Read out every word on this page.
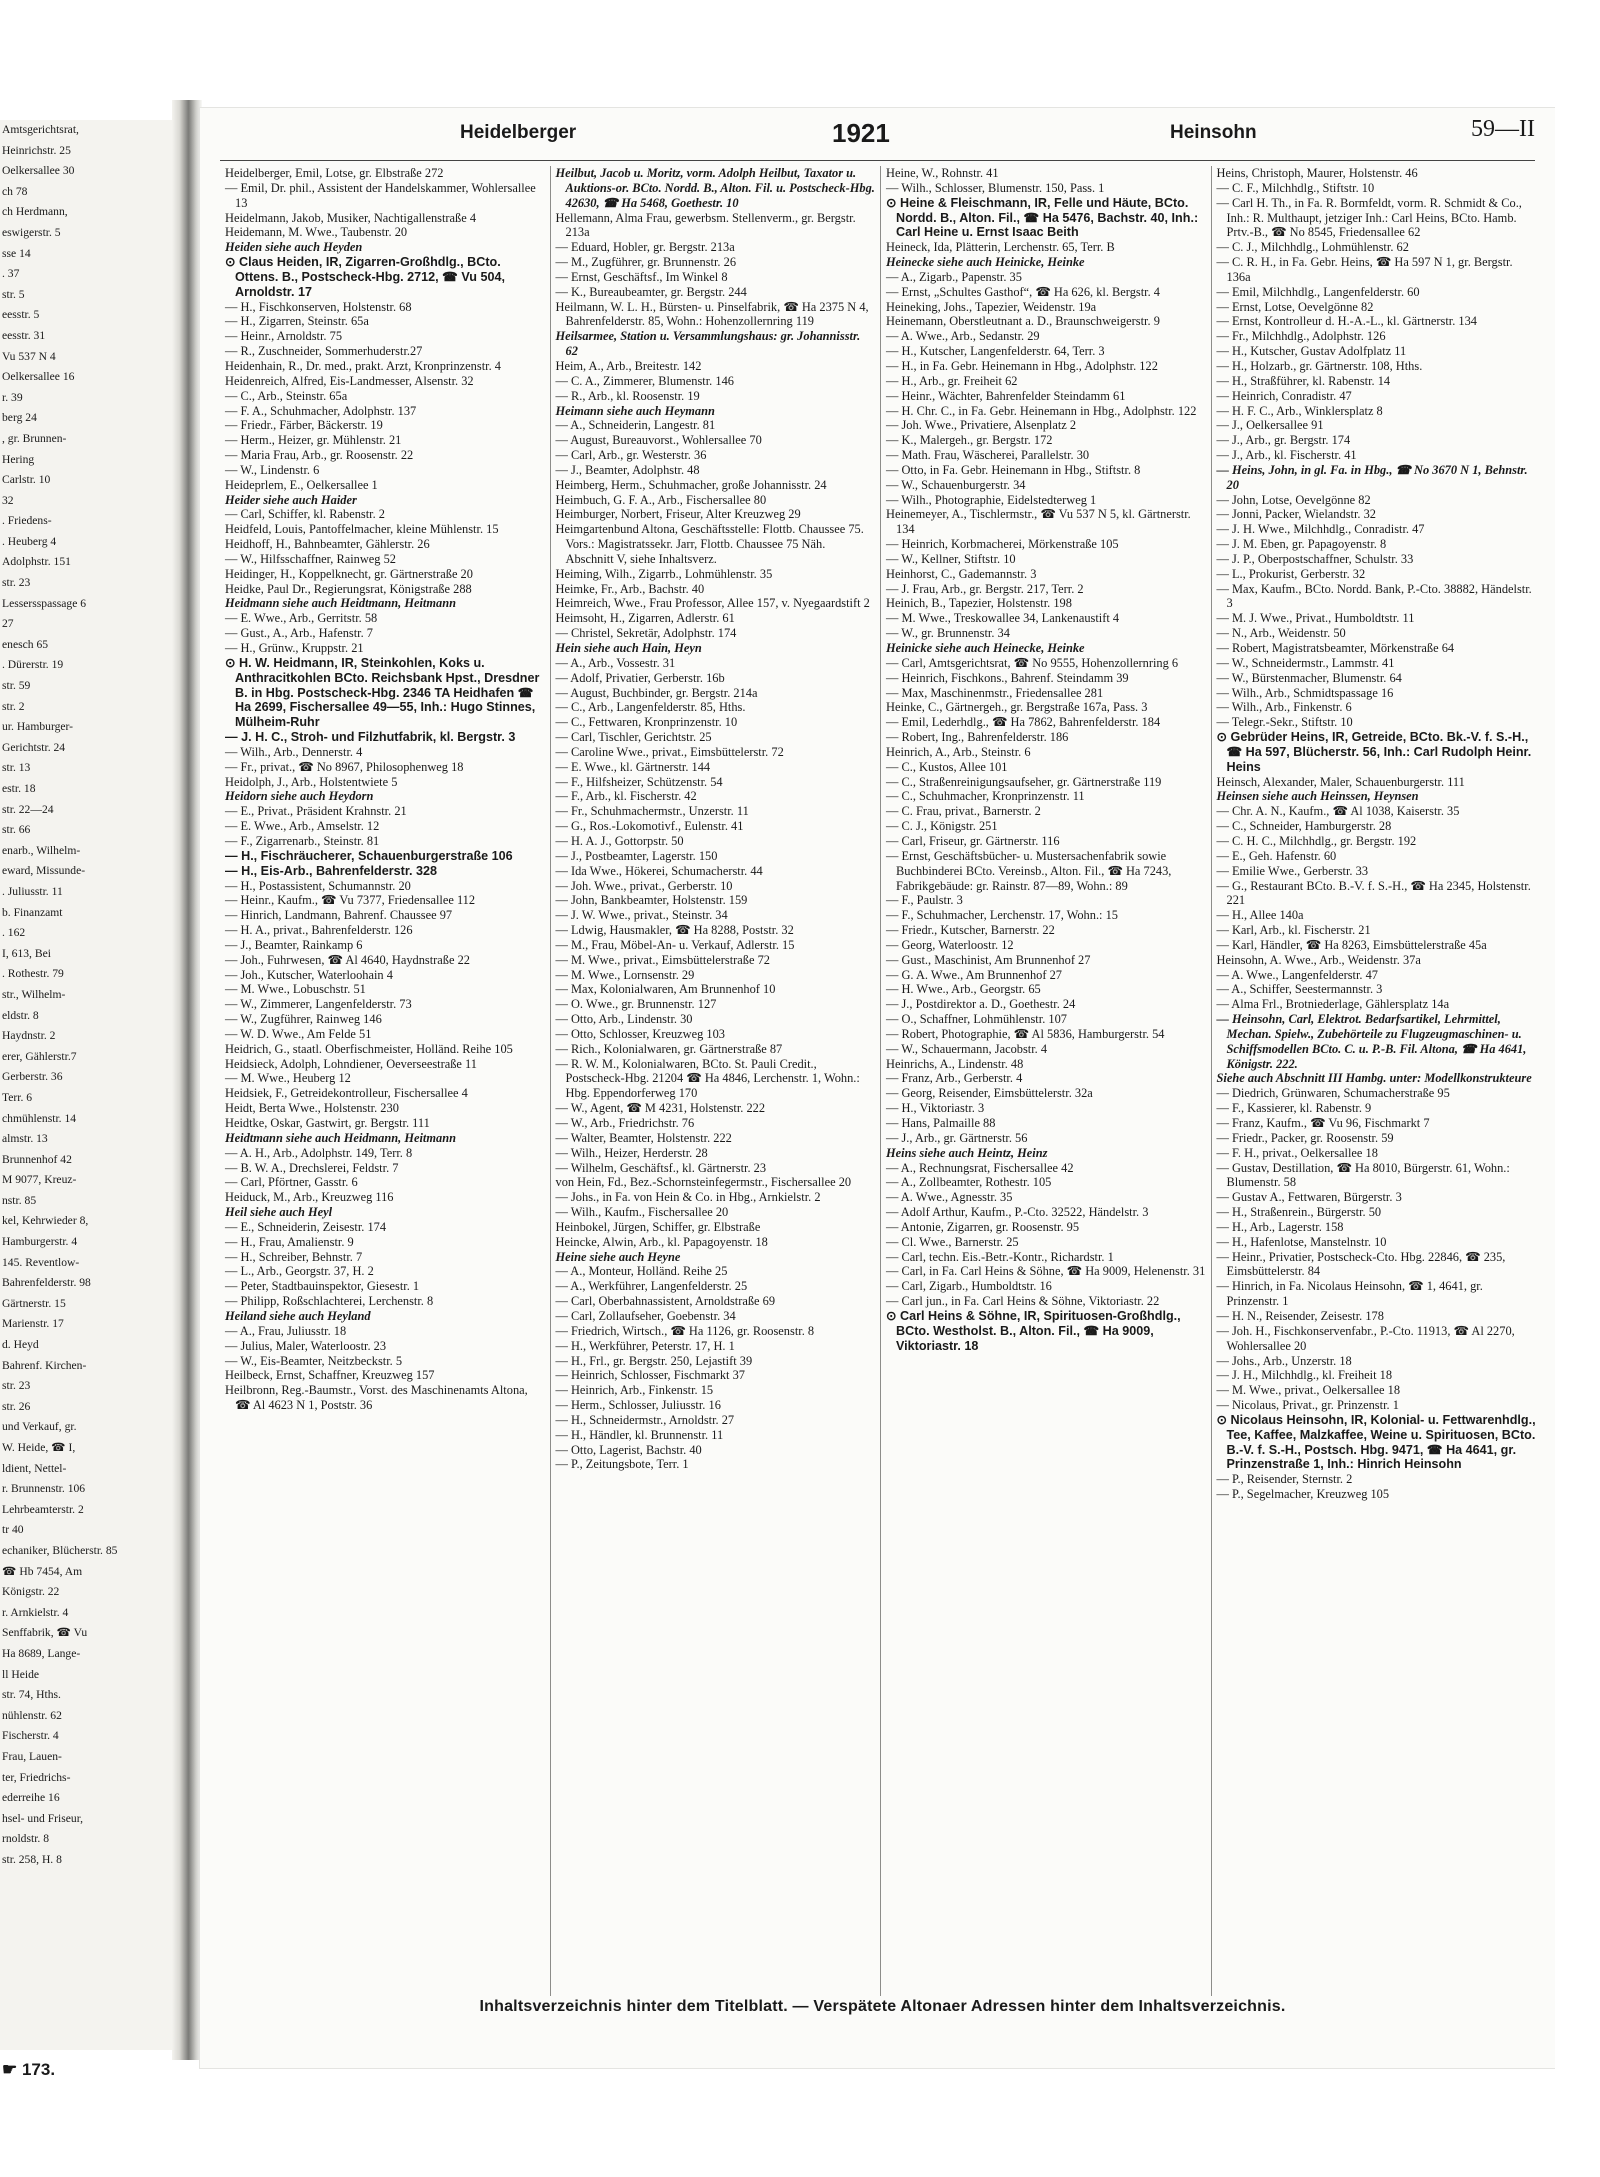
Amtsgerichtsrat,
Heinrichstr. 25
Oelkersallee 30
ch 78
ch Herdmann,
eswigerstr. 5
sse 14
. 37
str. 5
eesstr. 5
eesstr. 31
Vu 537 N 4
Oelkersallee 16
r. 39
berg 24
, gr. Brunnen-
Hering
Carlstr. 10
32
. Friedens-
. Heuberg 4
Adolphstr. 151
str. 23
Lessersspassage 6
27
enesch 65
. Dürerstr. 19
str. 59
str. 2
ur. Hamburger-
Gerichtstr. 24
str. 13
estr. 18
str. 22—24
str. 66
enarb., Wilhelm-
eward, Missunde-
. Juliusstr. 11
b. Finanzamt
. 162
I, 613, Bei
. Rothestr. 79
str., Wilhelm-
eldstr. 8
Haydnstr. 2
erer, Gählerstr.7
Gerberstr. 36
Terr. 6
chmühlenstr. 14
almstr. 13
Brunnenhof 42
M 9077, Kreuz-
nstr. 85
kel, Kehrwieder 8,
Hamburgerstr. 4
145. Reventlow-
Bahrenfelderstr. 98
Gärtnerstr. 15
Marienstr. 17
d. Heyd
Bahrenf. Kirchen-
str. 23
str. 26
und Verkauf, gr.
W. Heide, ☎ I,
ldient, Nettel-
r. Brunnenstr. 106
Lehrbeamterstr. 2
tr 40
echaniker, Blücherstr. 85
☎ Hb 7454, Am
Königstr. 22
r. Arnkielstr. 4
Senffabrik, ☎ Vu
Ha 8689, Lange-
ll Heide
str. 74, Hths.
nühlenstr. 62
Fischerstr. 4
Frau, Lauen-
ter, Friedrichs-
ederreihe 16
hsel- und Friseur,
rnoldstr. 8
str. 258, H. 8
☛ 173.
Heidelberger	1921	Heinsohn	59—II

Heidelberger, Emil, Lotse, gr. Elbstraße 272

— Emil, Dr. phil., Assistent der Handelskammer, Wohlersallee 13

Heidelmann, Jakob, Musiker, Nachtigallenstraße 4

Heidemann, M. Wwe., Taubenstr. 20

Heiden siehe auch Heyden

⊙ Claus Heiden, IR, Zigarren-Großhdlg., BCto. Ottens. B., Postscheck-Hbg. 2712, ☎ Vu 504, Arnoldstr. 17

— H., Fischkonserven, Holstenstr. 68

— H., Zigarren, Steinstr. 65a

— Heinr., Arnoldstr. 75

— R., Zuschneider, Sommerhuderstr.27

Heidenhain, R., Dr. med., prakt. Arzt, Kronprinzenstr. 4

Heidenreich, Alfred, Eis-Landmesser, Alsenstr. 32

— C., Arb., Steinstr. 65a

— F. A., Schuhmacher, Adolphstr. 137

— Friedr., Färber, Bäckerstr. 19

— Herm., Heizer, gr. Mühlenstr. 21

— Maria Frau, Arb., gr. Roosenstr. 22

— W., Lindenstr. 6

Heideprlem, E., Oelkersallee 1

Heider siehe auch Haider

— Carl, Schiffer, kl. Rabenstr. 2

Heidfeld, Louis, Pantoffelmacher, kleine Mühlenstr. 15

Heidhoff, H., Bahnbeamter, Gählerstr. 26

— W., Hilfsschaffner, Rainweg 52

Heidinger, H., Koppelknecht, gr. Gärtnerstraße 20

Heidke, Paul Dr., Regierungsrat, Königstraße 288

Heidmann siehe auch Heidtmann, Heitmann

— E. Wwe., Arb., Gerritstr. 58

— Gust., A., Arb., Hafenstr. 7

— H., Grünw., Kruppstr. 21

⊙ H. W. Heidmann, IR, Steinkohlen, Koks u. Anthracitkohlen BCto. Reichsbank Hpst., Dresdner B. in Hbg. Postscheck-Hbg. 2346 TA Heidhafen ☎ Ha 2699, Fischersallee 49—55, Inh.: Hugo Stinnes, Mülheim-Ruhr

— J. H. C., Stroh- und Filzhutfabrik, kl. Bergstr. 3

— Wilh., Arb., Dennerstr. 4

— Fr., privat., ☎ No 8967, Philosophenweg 18

Heidolph, J., Arb., Holstentwiete 5

Heidorn siehe auch Heydorn

— E., Privat., Präsident Krahnstr. 21

— E. Wwe., Arb., Amselstr. 12

— F., Zigarrenarb., Steinstr. 81

— H., Fischräucherer, Schauenburgerstraße 106

— H., Eis-Arb., Bahrenfelderstr. 328

— H., Postassistent, Schumannstr. 20

— Heinr., Kaufm., ☎ Vu 7377, Friedensallee 112

— Hinrich, Landmann, Bahrenf. Chaussee 97

— H. A., privat., Bahrenfelderstr. 126

— J., Beamter, Rainkamp 6

— Joh., Fuhrwesen, ☎ Al 4640, Haydnstraße 22

— Joh., Kutscher, Waterloohain 4

— M. Wwe., Lobuschstr. 51

— W., Zimmerer, Langenfelderstr. 73

— W., Zugführer, Rainweg 146

— W. D. Wwe., Am Felde 51

Heidrich, G., staatl. Oberfischmeister, Holländ. Reihe 105

Heidsieck, Adolph, Lohndiener, Oeverseestraße 11

— M. Wwe., Heuberg 12

Heidsiek, F., Getreidekontrolleur, Fischersallee 4

Heidt, Berta Wwe., Holstenstr. 230

Heidtke, Oskar, Gastwirt, gr. Bergstr. 111

Heidtmann siehe auch Heidmann, Heitmann

— A. H., Arb., Adolphstr. 149, Terr. 8

— B. W. A., Drechslerei, Feldstr. 7

— Carl, Pförtner, Gasstr. 6

Heiduck, M., Arb., Kreuzweg 116

Heil siehe auch Heyl

— E., Schneiderin, Zeisestr. 174

— H., Frau, Amalienstr. 9

— H., Schreiber, Behnstr. 7

— L., Arb., Georgstr. 37, H. 2

— Peter, Stadtbauinspektor, Giesestr. 1

— Philipp, Roßschlachterei, Lerchenstr. 8

Heiland siehe auch Heyland

— A., Frau, Juliusstr. 18

— Julius, Maler, Waterloostr. 23

— W., Eis-Beamter, Neitzbeckstr. 5

Heilbeck, Ernst, Schaffner, Kreuzweg 157

Heilbronn, Reg.-Baumstr., Vorst. des Maschinenamts Altona, ☎ Al 4623 N 1, Poststr. 36

Heilbut, Jacob u. Moritz, vorm. Adolph Heilbut, Taxator u. Auktions-or. BCto. Nordd. B., Alton. Fil. u. Postscheck-Hbg. 42630, ☎ Ha 5468, Goethestr. 10

Hellemann, Alma Frau, gewerbsm. Stellenverm., gr. Bergstr. 213a

— Eduard, Hobler, gr. Bergstr. 213a

— M., Zugführer, gr. Brunnenstr. 26

— Ernst, Geschäftsf., Im Winkel 8

— K., Bureaubeamter, gr. Bergstr. 244

Heilmann, W. L. H., Bürsten- u. Pinselfabrik, ☎ Ha 2375 N 4, Bahrenfelderstr. 85, Wohn.: Hohenzollernring 119

Heilsarmee, Station u. Versammlungshaus: gr. Johannisstr. 62

Heim, A., Arb., Breitestr. 142

— C. A., Zimmerer, Blumenstr. 146

— R., Arb., kl. Roosenstr. 19

Heimann siehe auch Heymann

— A., Schneiderin, Langestr. 81

— August, Bureauvorst., Wohlersallee 70

— Carl, Arb., gr. Westerstr. 36

— J., Beamter, Adolphstr. 48

Heimberg, Herm., Schuhmacher, große Johannisstr. 24

Heimbuch, G. F. A., Arb., Fischersallee 80

Heimburger, Norbert, Friseur, Alter Kreuzweg 29

Heimgartenbund Altona, Geschäftsstelle: Flottb. Chaussee 75. Vors.: Magistratssekr. Jarr, Flottb. Chaussee 75 Näh. Abschnitt V, siehe Inhaltsverz.

Heiming, Wilh., Zigarrb., Lohmühlenstr. 35

Heimke, Fr., Arb., Bachstr. 40

Heimreich, Wwe., Frau Professor, Allee 157, v. Nyegaardstift 2

Heimsoht, H., Zigarren, Adlerstr. 61

— Christel, Sekretär, Adolphstr. 174

Hein siehe auch Hain, Heyn

— A., Arb., Vossestr. 31

— Adolf, Privatier, Gerberstr. 16b

— August, Buchbinder, gr. Bergstr. 214a

— C., Arb., Langenfelderstr. 85, Hths.

— C., Fettwaren, Kronprinzenstr. 10

— Carl, Tischler, Gerichtstr. 25

— Caroline Wwe., privat., Eimsbüttelerstr. 72

— E. Wwe., kl. Gärtnerstr. 144

— F., Hilfsheizer, Schützenstr. 54

— F., Arb., kl. Fischerstr. 42

— Fr., Schuhmachermstr., Unzerstr. 11

— G., Ros.-Lokomotivf., Eulenstr. 41

— H. A. J., Gottorpstr. 50

— J., Postbeamter, Lagerstr. 150

— Ida Wwe., Hökerei, Schumacherstr. 44

— Joh. Wwe., privat., Gerberstr. 10

— John, Bankbeamter, Holstenstr. 159

— J. W. Wwe., privat., Steinstr. 34

— Ldwig, Hausmakler, ☎ Ha 8288, Poststr. 32

— M., Frau, Möbel-An- u. Verkauf, Adlerstr. 15

— M. Wwe., privat., Eimsbüttelerstraße 72

— M. Wwe., Lornsenstr. 29

— Max, Kolonialwaren, Am Brunnenhof 10

— O. Wwe., gr. Brunnenstr. 127

— Otto, Arb., Lindenstr. 30

— Otto, Schlosser, Kreuzweg 103

— Rich., Kolonialwaren, gr. Gärtnerstraße 87

— R. W. M., Kolonialwaren, BCto. St. Pauli Credit., Postscheck-Hbg. 21204 ☎ Ha 4846, Lerchenstr. 1, Wohn.: Hbg. Eppendorferweg 170

— W., Agent, ☎ M 4231, Holstenstr. 222

— W., Arb., Friedrichstr. 76

— Walter, Beamter, Holstenstr. 222

— Wilh., Heizer, Herderstr. 28

— Wilhelm, Geschäftsf., kl. Gärtnerstr. 23

von Hein, Fd., Bez.-Schornsteinfegermstr., Fischersallee 20

— Johs., in Fa. von Hein & Co. in Hbg., Arnkielstr. 2

— Wilh., Kaufm., Fischersallee 20

Heinbokel, Jürgen, Schiffer, gr. Elbstraße

Heincke, Alwin, Arb., kl. Papagoyenstr. 18

Heine siehe auch Heyne

— A., Monteur, Holländ. Reihe 25

— A., Werkführer, Langenfelderstr. 25

— Carl, Oberbahnassistent, Arnoldstraße 69

— Carl, Zollaufseher, Goebenstr. 34

— Friedrich, Wirtsch., ☎ Ha 1126, gr. Roosenstr. 8

— H., Werkführer, Peterstr. 17, H. 1

— H., Frl., gr. Bergstr. 250, Lejastift 39

— Heinrich, Schlosser, Fischmarkt 37

— Heinrich, Arb., Finkenstr. 15

— Herm., Schlosser, Juliusstr. 16

— H., Schneidermstr., Arnoldstr. 27

— H., Händler, kl. Brunnenstr. 11

— Otto, Lagerist, Bachstr. 40

— P., Zeitungsbote, Terr. 1

Heine, W., Rohnstr. 41

— Wilh., Schlosser, Blumenstr. 150, Pass. 1

⊙ Heine & Fleischmann, IR, Felle und Häute, BCto. Nordd. B., Alton. Fil., ☎ Ha 5476, Bachstr. 40, Inh.: Carl Heine u. Ernst Isaac Beith

Heineck, Ida, Plätterin, Lerchenstr. 65, Terr. B

Heinecke siehe auch Heinicke, Heinke

— A., Zigarb., Papenstr. 35

— Ernst, „Schultes Gasthof“, ☎ Ha 626, kl. Bergstr. 4

Heineking, Johs., Tapezier, Weidenstr. 19a

Heinemann, Oberstleutnant a. D., Braunschweigerstr. 9

— A. Wwe., Arb., Sedanstr. 29

— H., Kutscher, Langenfelderstr. 64, Terr. 3

— H., in Fa. Gebr. Heinemann in Hbg., Adolphstr. 122

— H., Arb., gr. Freiheit 62

— Heinr., Wächter, Bahrenfelder Steindamm 61

— H. Chr. C., in Fa. Gebr. Heinemann in Hbg., Adolphstr. 122

— Joh. Wwe., Privatiere, Alsenplatz 2

— K., Malergeh., gr. Bergstr. 172

— Math. Frau, Wäscherei, Parallelstr. 30

— Otto, in Fa. Gebr. Heinemann in Hbg., Stiftstr. 8

— W., Schauenburgerstr. 34

— Wilh., Photographie, Eidelstedterweg 1

Heinemeyer, A., Tischlermstr., ☎ Vu 537 N 5, kl. Gärtnerstr. 134

— Heinrich, Korbmacherei, Mörkenstraße 105

— W., Kellner, Stiftstr. 10

Heinhorst, C., Gademannstr. 3

— J. Frau, Arb., gr. Bergstr. 217, Terr. 2

Heinich, B., Tapezier, Holstenstr. 198

— M. Wwe., Treskowallee 34, Lankenaustift 4

— W., gr. Brunnenstr. 34

Heinicke siehe auch Heinecke, Heinke

— Carl, Amtsgerichtsrat, ☎ No 9555, Hohenzollernring 6

— Heinrich, Fischkons., Bahrenf. Steindamm 39

— Max, Maschinenmstr., Friedensallee 281

Heinke, C., Gärtnergeh., gr. Bergstraße 167a, Pass. 3

— Emil, Lederhdlg., ☎ Ha 7862, Bahrenfelderstr. 184

— Robert, Ing., Bahrenfelderstr. 186

Heinrich, A., Arb., Steinstr. 6

— C., Kustos, Allee 101

— C., Straßenreinigungsaufseher, gr. Gärtnerstraße 119

— C., Schuhmacher, Kronprinzenstr. 11

— C. Frau, privat., Barnerstr. 2

— C. J., Königstr. 251

— Carl, Friseur, gr. Gärtnerstr. 116

— Ernst, Geschäftsbücher- u. Mustersachenfabrik sowie Buchbinderei BCto. Vereinsb., Alton. Fil., ☎ Ha 7243, Fabrikgebäude: gr. Rainstr. 87—89, Wohn.: 89

— F., Paulstr. 3

— F., Schuhmacher, Lerchenstr. 17, Wohn.: 15

— Friedr., Kutscher, Barnerstr. 22

— Georg, Waterloostr. 12

— Gust., Maschinist, Am Brunnenhof 27

— G. A. Wwe., Am Brunnenhof 27

— H. Wwe., Arb., Georgstr. 65

— J., Postdirektor a. D., Goethestr. 24

— O., Schaffner, Lohmühlenstr. 107

— Robert, Photographie, ☎ Al 5836, Hamburgerstr. 54

— W., Schauermann, Jacobstr. 4

Heinrichs, A., Lindenstr. 48

— Franz, Arb., Gerberstr. 4

— Georg, Reisender, Eimsbüttelerstr. 32a

— H., Viktoriastr. 3

— Hans, Palmaille 88

— J., Arb., gr. Gärtnerstr. 56

Heins siehe auch Heintz, Heinz

— A., Rechnungsrat, Fischersallee 42

— A., Zollbeamter, Rothestr. 105

— A. Wwe., Agnesstr. 35

— Adolf Arthur, Kaufm., P.-Cto. 32522, Händelstr. 3

— Antonie, Zigarren, gr. Roosenstr. 95

— Cl. Wwe., Barnerstr. 25

— Carl, techn. Eis.-Betr.-Kontr., Richardstr. 1

— Carl, in Fa. Carl Heins & Söhne, ☎ Ha 9009, Helenenstr. 31

— Carl, Zigarb., Humboldtstr. 16

— Carl jun., in Fa. Carl Heins & Söhne, Viktoriastr. 22

⊙ Carl Heins & Söhne, IR, Spirituosen-Großhdlg., BCto. Westholst. B., Alton. Fil., ☎ Ha 9009, Viktoriastr. 18

Heins, Christoph, Maurer, Holstenstr. 46

— C. F., Milchhdlg., Stiftstr. 10

— Carl H. Th., in Fa. R. Bormfeldt, vorm. R. Schmidt & Co., Inh.: R. Multhaupt, jetziger Inh.: Carl Heins, BCto. Hamb. Prtv.-B., ☎ No 8545, Friedensallee 62

— C. J., Milchhdlg., Lohmühlenstr. 62

— C. R. H., in Fa. Gebr. Heins, ☎ Ha 597 N 1, gr. Bergstr. 136a

— Emil, Milchhdlg., Langenfelderstr. 60

— Ernst, Lotse, Oevelgönne 82

— Ernst, Kontrolleur d. H.-A.-L., kl. Gärtnerstr. 134

— Fr., Milchhdlg., Adolphstr. 126

— H., Kutscher, Gustav Adolfplatz 11

— H., Holzarb., gr. Gärtnerstr. 108, Hths.

— H., Straßführer, kl. Rabenstr. 14

— Heinrich, Conradistr. 47

— H. F. C., Arb., Winklersplatz 8

— J., Oelkersallee 91

— J., Arb., gr. Bergstr. 174

— J., Arb., kl. Fischerstr. 41

— Heins, John, in gl. Fa. in Hbg., ☎ No 3670 N 1, Behnstr. 20

— John, Lotse, Oevelgönne 82

— Jonni, Packer, Wielandstr. 32

— J. H. Wwe., Milchhdlg., Conradistr. 47

— J. M. Eben, gr. Papagoyenstr. 8

— J. P., Oberpostschaffner, Schulstr. 33

— L., Prokurist, Gerberstr. 32

— Max, Kaufm., BCto. Nordd. Bank, P.-Cto. 38882, Händelstr. 3

— M. J. Wwe., Privat., Humboldtstr. 11

— N., Arb., Weidenstr. 50

— Robert, Magistratsbeamter, Mörkenstraße 64

— W., Schneidermstr., Lammstr. 41

— W., Bürstenmacher, Blumenstr. 64

— Wilh., Arb., Schmidtspassage 16

— Wilh., Arb., Finkenstr. 6

— Telegr.-Sekr., Stiftstr. 10

⊙ Gebrüder Heins, IR, Getreide, BCto. Bk.-V. f. S.-H., ☎ Ha 597, Blücherstr. 56, Inh.: Carl Rudolph Heinr. Heins

Heinsch, Alexander, Maler, Schauenburgerstr. 111

Heinsen siehe auch Heinssen, Heynsen

— Chr. A. N., Kaufm., ☎ Al 1038, Kaiserstr. 35

— C., Schneider, Hamburgerstr. 28

— C. H. C., Milchhdlg., gr. Bergstr. 192

— E., Geh. Hafenstr. 60

— Emilie Wwe., Gerberstr. 33

— G., Restaurant BCto. B.-V. f. S.-H., ☎ Ha 2345, Holstenstr. 221

— H., Allee 140a

— Karl, Arb., kl. Fischerstr. 21

— Karl, Händler, ☎ Ha 8263, Eimsbüttelerstraße 45a

Heinsohn, A. Wwe., Arb., Weidenstr. 37a

— A. Wwe., Langenfelderstr. 47

— A., Schiffer, Seestermannstr. 3

— Alma Frl., Brotniederlage, Gählersplatz 14a

— Heinsohn, Carl, Elektrot. Bedarfsartikel, Lehrmittel, Mechan. Spielw., Zubehörteile zu Flugzeugmaschinen- u. Schiffsmodellen BCto. C. u. P.-B. Fil. Altona, ☎ Ha 4641, Königstr. 222.

Siehe auch Abschnitt III Hambg. unter: Modellkonstrukteure

— Diedrich, Grünwaren, Schumacherstraße 95

— F., Kassierer, kl. Rabenstr. 9

— Franz, Kaufm., ☎ Vu 96, Fischmarkt 7

— Friedr., Packer, gr. Roosenstr. 59

— F. H., privat., Oelkersallee 18

— Gustav, Destillation, ☎ Ha 8010, Bürgerstr. 61, Wohn.: Blumenstr. 58

— Gustav A., Fettwaren, Bürgerstr. 3

— H., Straßenrein., Bürgerstr. 50

— H., Arb., Lagerstr. 158

— H., Hafenlotse, Manstelnstr. 10

— Heinr., Privatier, Postscheck-Cto. Hbg. 22846, ☎ 235, Eimsbüttelerstr. 84

— Hinrich, in Fa. Nicolaus Heinsohn, ☎ 1, 4641, gr. Prinzenstr. 1

— H. N., Reisender, Zeisestr. 178

— Joh. H., Fischkonservenfabr., P.-Cto. 11913, ☎ Al 2270, Wohlersallee 20

— Johs., Arb., Unzerstr. 18

— J. H., Milchhdlg., kl. Freiheit 18

— M. Wwe., privat., Oelkersallee 18

— Nicolaus, Privat., gr. Prinzenstr. 1

⊙ Nicolaus Heinsohn, IR, Kolonial- u. Fettwarenhdlg., Tee, Kaffee, Malzkaffee, Weine u. Spirituosen, BCto. B.-V. f. S.-H., Postsch. Hbg. 9471, ☎ Ha 4641, gr. Prinzenstraße 1, Inh.: Hinrich Heinsohn

— P., Reisender, Sternstr. 2

— P., Segelmacher, Kreuzweg 105

Inhaltsverzeichnis hinter dem Titelblatt. — Verspätete Altonaer Adressen hinter dem Inhaltsverzeichnis.
